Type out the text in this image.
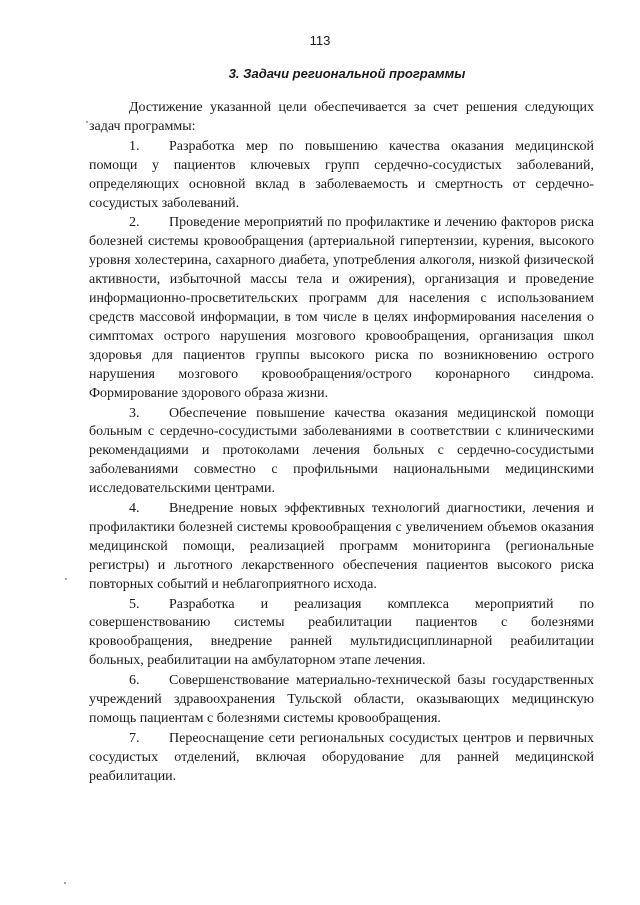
113
3. Задачи региональной программы

Достижение указанной цели обеспечивается за счет решения следующих задач программы:

1. Разработка мер по повышению качества оказания медицинской помощи у пациентов ключевых групп сердечно-сосудистых заболеваний, определяющих основной вклад в заболеваемость и смертность от сердечно-сосудистых заболеваний.

2. Проведение мероприятий по профилактике и лечению факторов риска болезней системы кровообращения (артериальной гипертензии, курения, высокого уровня холестерина, сахарного диабета, употребления алкоголя, низкой физической активности, избыточной массы тела и ожирения), организация и проведение информационно-просветительских программ для населения с использованием средств массовой информации, в том числе в целях информирования населения о симптомах острого нарушения мозгового кровообращения, организация школ здоровья для пациентов группы высокого риска по возникновению острого нарушения мозгового кровообращения/острого коронарного синдрома. Формирование здорового образа жизни.

3. Обеспечение повышение качества оказания медицинской помощи больным с сердечно-сосудистыми заболеваниями в соответствии с клиническими рекомендациями и протоколами лечения больных с сердечно-сосудистыми заболеваниями совместно с профильными национальными медицинскими исследовательскими центрами.

4. Внедрение новых эффективных технологий диагностики, лечения и профилактики болезней системы кровообращения с увеличением объемов оказания медицинской помощи, реализацией программ мониторинга (региональные регистры) и льготного лекарственного обеспечения пациентов высокого риска повторных событий и неблагоприятного исхода.

5. Разработка и реализация комплекса мероприятий по совершенствованию системы реабилитации пациентов с болезнями кровообращения, внедрение ранней мультидисциплинарной реабилитации больных, реабилитации на амбулаторном этапе лечения.

6. Совершенствование материально-технической базы государственных учреждений здравоохранения Тульской области, оказывающих медицинскую помощь пациентам с болезнями системы кровообращения.

7. Переоснащение сети региональных сосудистых центров и первичных сосудистых отделений, включая оборудование для ранней медицинской реабилитации.
